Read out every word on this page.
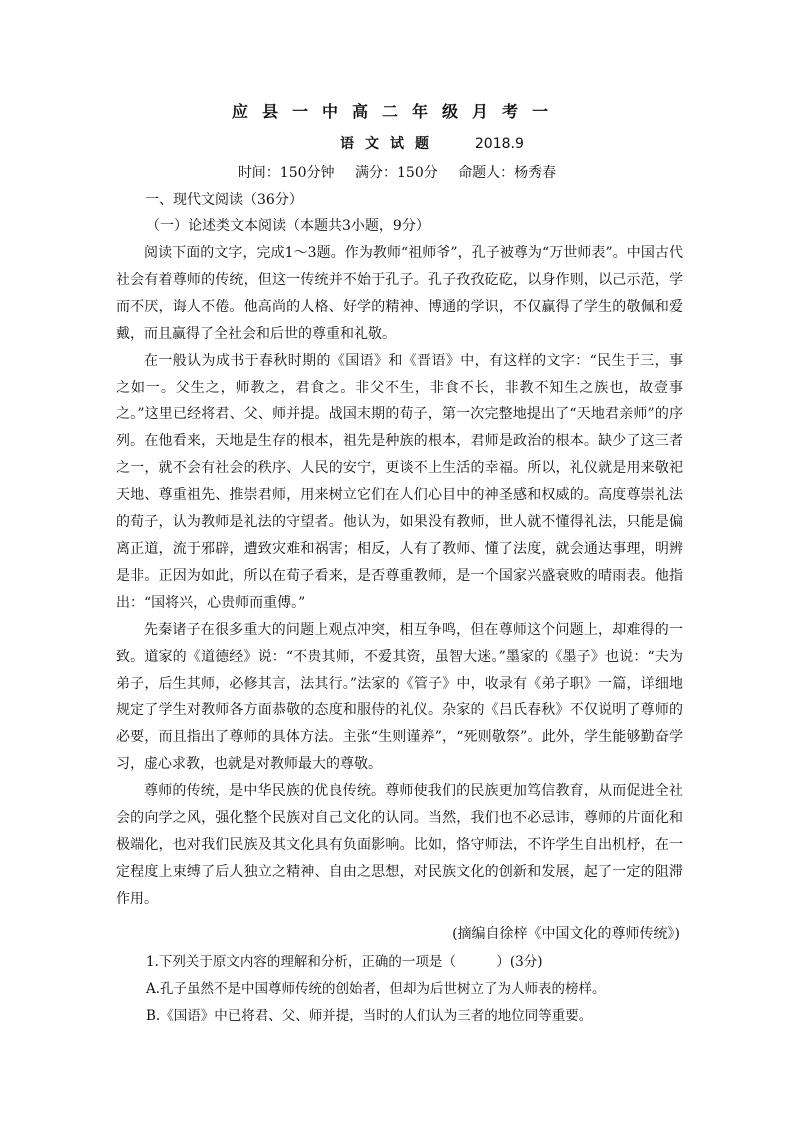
应县一中高二年级月考一
语文试题 2018.9
时间：150分钟 满分：150分 命题人：杨秀春
一、现代文阅读（36分）
（一）论述类文本阅读（本题共3小题，9分）

阅读下面的文字，完成1～3题。作为教师“祖师爷”，孔子被尊为“万世师表”。中国古代社会有着尊师的传统，但这一传统并不始于孔子。孔子孜孜矻矻，以身作则，以己示范，学而不厌，诲人不倦。他高尚的人格、好学的精神、博通的学识，不仅赢得了学生的敬佩和爱戴，而且赢得了全社会和后世的尊重和礼敬。

在一般认为成书于春秋时期的《国语》和《晋语》中，有这样的文字：“民生于三，事之如一。父生之，师教之，君食之。非父不生，非食不长，非教不知生之族也，故壹事之。”这里已经将君、父、师并提。战国末期的荀子，第一次完整地提出了“天地君亲师”的序列。在他看来，天地是生存的根本，祖先是种族的根本，君师是政治的根本。缺少了这三者之一，就不会有社会的秩序、人民的安宁，更谈不上生活的幸福。所以，礼仪就是用来敬祀天地、尊重祖先、推崇君师，用来树立它们在人们心目中的神圣感和权威的。高度尊崇礼法的荀子，认为教师是礼法的守望者。他认为，如果没有教师，世人就不懂得礼法，只能是偏离正道，流于邪辟，遭致灾难和祸害；相反，人有了教师、懂了法度，就会通达事理，明辨是非。正因为如此，所以在荀子看来，是否尊重教师，是一个国家兴盛衰败的晴雨表。他指出：“国将兴，心贵师而重傅。”

先秦诸子在很多重大的问题上观点冲突，相互争鸣，但在尊师这个问题上，却难得的一致。道家的《道德经》说：“不贵其师，不爱其资，虽智大迷。”墨家的《墨子》也说：“夫为弟子，后生其师，必修其言，法其行。”法家的《管子》中，收录有《弟子职》一篇，详细地规定了学生对教师各方面恭敬的态度和服侍的礼仪。杂家的《吕氏春秋》不仅说明了尊师的必要，而且指出了尊师的具体方法。主张“生则谨养”，“死则敬祭”。此外，学生能够勤奋学习，虚心求教，也就是对教师最大的尊敬。

尊师的传统，是中华民族的优良传统。尊师使我们的民族更加笃信教育，从而促进全社会的向学之风，强化整个民族对自己文化的认同。当然，我们也不必忌讳，尊师的片面化和极端化，也对我们民族及其文化具有负面影响。比如，恪守师法，不许学生自出机杼，在一定程度上束缚了后人独立之精神、自由之思想，对民族文化的创新和发展，起了一定的阻滞作用。

(摘编自徐梓《中国文化的尊师传统》)
1.下列关于原文内容的理解和分析，正确的一项是（　　　）(3分)
A.孔子虽然不是中国尊师传统的创始者，但却为后世树立了为人师表的榜样。
B.《国语》中已将君、父、师并提，当时的人们认为三者的地位同等重要。
